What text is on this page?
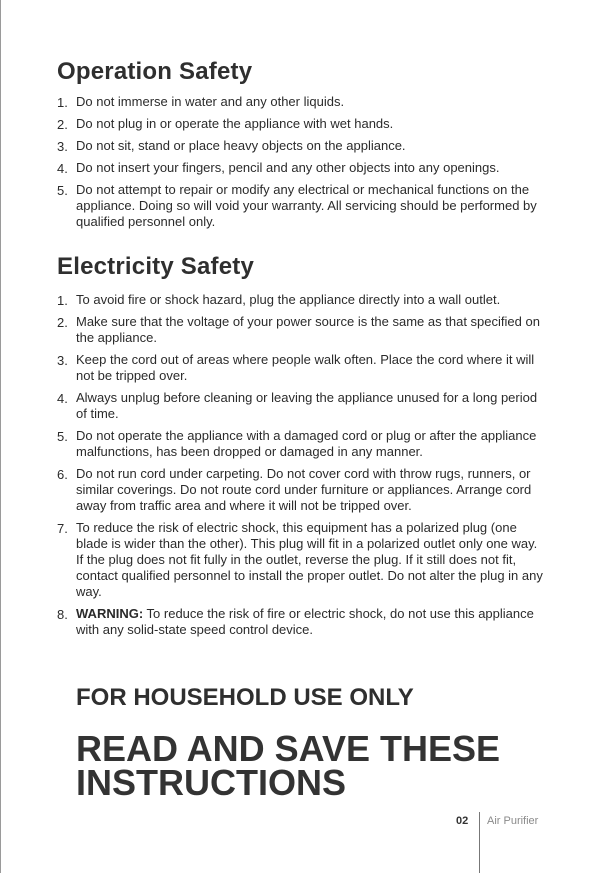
Operation Safety
1. Do not immerse in water and any other liquids.
2. Do not plug in or operate the appliance with wet hands.
3. Do not sit, stand or place heavy objects on the appliance.
4. Do not insert your fingers, pencil and any other objects into any openings.
5. Do not attempt to repair or modify any electrical or mechanical functions on the appliance. Doing so will void your warranty. All servicing should be performed by qualified personnel only.
Electricity Safety
1. To avoid fire or shock hazard, plug the appliance directly into a wall outlet.
2. Make sure that the voltage of your power source is the same as that specified on the appliance.
3. Keep the cord out of areas where people walk often. Place the cord where it will not be tripped over.
4. Always unplug before cleaning or leaving the appliance unused for a long period of time.
5. Do not operate the appliance with a damaged cord or plug or after the appliance malfunctions, has been dropped or damaged in any manner.
6. Do not run cord under carpeting. Do not cover cord with throw rugs, runners, or similar coverings. Do not route cord under furniture or appliances. Arrange cord away from traffic area and where it will not be tripped over.
7. To reduce the risk of electric shock, this equipment has a polarized plug (one blade is wider than the other). This plug will fit in a polarized outlet only one way. If the plug does not fit fully in the outlet, reverse the plug. If it still does not fit, contact qualified personnel to install the proper outlet. Do not alter the plug in any way.
8. WARNING: To reduce the risk of fire or electric shock, do not use this appliance with any solid-state speed control device.
FOR HOUSEHOLD USE ONLY
READ AND SAVE THESE INSTRUCTIONS
02 Air Purifier
